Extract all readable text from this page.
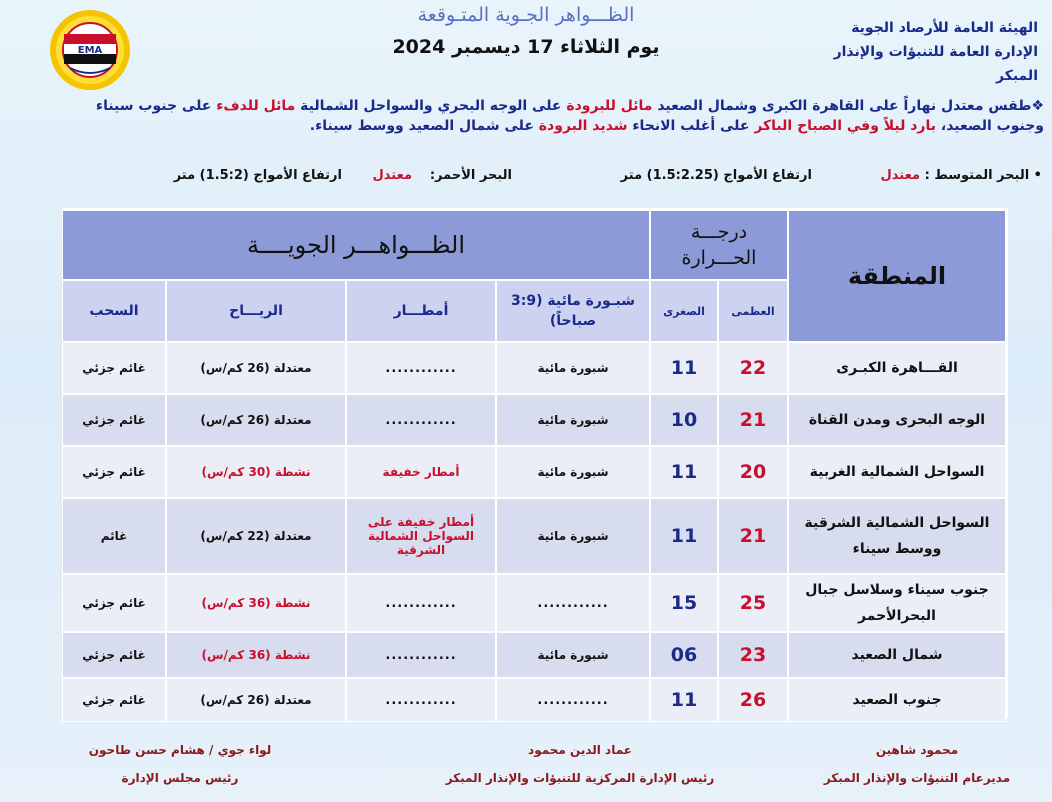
الهيئة العامة للأرصاد الجوية
الإدارة العامة للتنبؤات والإنذار المبكر
الظـــواهر الجـوية المتـوقعة
يوم الثلاثاء 17 ديسمبر 2024
EMA
❖طقس معتدل نهاراً على القاهرة الكبرى وشمال الصعيد مائل للبرودة على الوجه البحري والسواحل الشمالية مائل للدفء على جنوب سيناء وجنوب الصعيد، بارد ليلاً وفي الصباح الباكر على أغلب الانحاء شديد البرودة على شمال الصعيد ووسط سيناء.
• البحر المتوسط :
معتدل
ارتفاع الأمواج (1.5:2.25) متر
البحر الأحمر:
معتدل
ارتفاع الأمواج (1.5:2) متر
المنطقة
درجـــة الحـــرارة
الظـــواهـــر الجويــــة
العظمى
الصغرى
شبـورة مائية (3:9 صباحاً)
أمطـــار
الريـــاح
السحب
القـــاهرة الكبـرى
22
11
شبورة مائية
............
معتدلة (26 كم/س)
غائم جزئي
الوجه البحرى ومدن القناة
21
10
شبورة مائية
............
معتدلة (26 كم/س)
غائم جزئي
السواحل الشمالية الغربية
20
11
شبورة مائية
أمطار خفيفة
نشطة (30 كم/س)
غائم جزئي
السواحل الشمالية الشرقية ووسط سيناء
21
11
شبورة مائية
أمطار خفيفة على السواحل الشمالية الشرقية
معتدلة (22 كم/س)
غائم
جنوب سيناء وسلاسل جبال البحرالأحمر
25
15
............
............
نشطة (36 كم/س)
غائم جزئي
شمال الصعيد
23
06
شبورة مائية
............
نشطة (36 كم/س)
غائم جزئي
جنوب الصعيد
26
11
............
............
معتدلة (26 كم/س)
غائم جزئي
محمود شاهين
مديرعام التنبؤات والإنذار المبكر
عماد الدين محمود
رئيس الإدارة المركزية للتنبؤات والإنذار المبكر
لواء جوي / هشام حسن طاحون
رئيس مجلس الإدارة
